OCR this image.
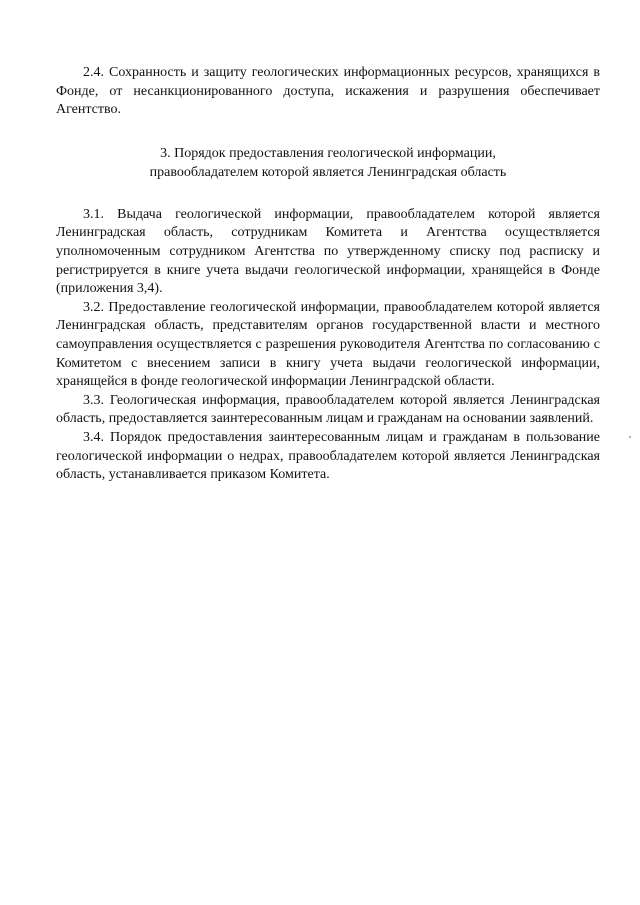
2.4. Сохранность и защиту геологических информационных ресурсов, хранящихся в Фонде, от несанкционированного доступа, искажения и разрушения обеспечивает Агентство.

3. Порядок предоставления геологической информации,
правообладателем которой является Ленинградская область

3.1. Выдача геологической информации, правообладателем которой является Ленинградская область, сотрудникам Комитета и Агентства осуществляется уполномоченным сотрудником Агентства по утвержденному списку под расписку и регистрируется в книге учета выдачи геологической информации, хранящейся в Фонде (приложения 3,4).

3.2. Предоставление геологической информации, правообладателем которой является Ленинградская область, представителям органов государственной власти и местного самоуправления осуществляется с разрешения руководителя Агентства по согласованию с Комитетом с внесением записи в книгу учета выдачи геологической информации, хранящейся в фонде геологической информации Ленинградской области.

3.3. Геологическая информация, правообладателем которой является Ленинградская область, предоставляется заинтересованным лицам и гражданам на основании заявлений.

3.4. Порядок предоставления заинтересованным лицам и гражданам в пользование геологической информации о недрах, правообладателем которой является Ленинградская область, устанавливается приказом Комитета.
